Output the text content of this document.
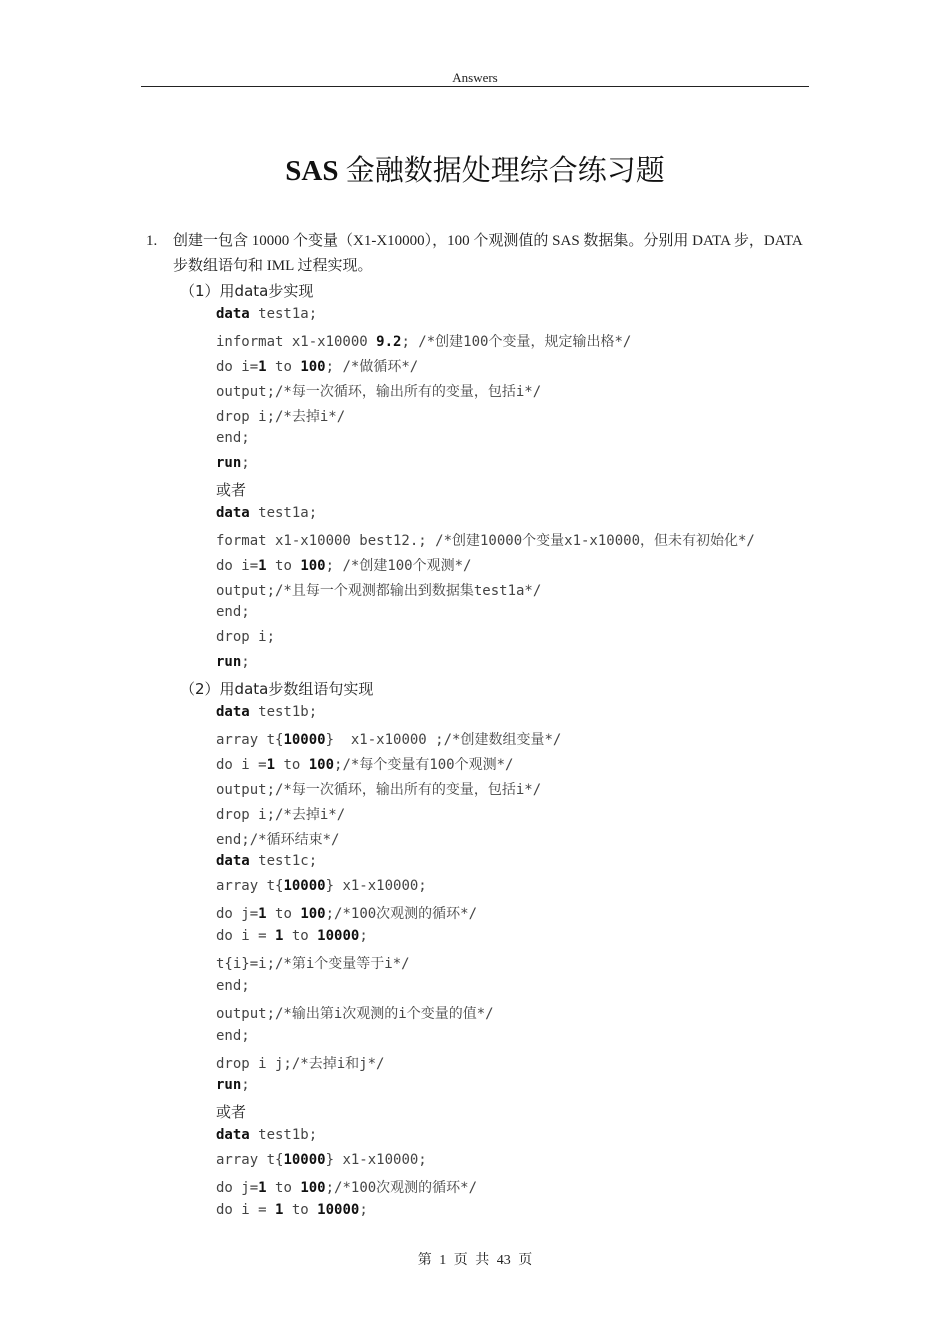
Answers
SAS 金融数据处理综合练习题
1. 创建一包含 10000 个变量（X1-X10000），100 个观测值的 SAS 数据集。分别用 DATA 步，DATA 步数组语句和 IML 过程实现。
（1）用data步实现
data test1a;
informat x1-x10000 9.2; /*创建100个变量，规定输出格*/
do i=1 to 100; /*做循环*/
output;/*每一次循环，输出所有的变量，包括i*/
drop i;/*去掉i*/
end;
run;
或者
data test1a;
format x1-x10000 best12.; /*创建10000个变量x1-x10000，但未有初始化*/
do i=1 to 100; /*创建100个观测*/
output;/*且每一个观测都输出到数据集test1a*/
end;
drop i;
run;
（2）用data步数组语句实现
data test1b;
array t{10000}  x1-x10000 ;/*创建数组变量*/
do i =1 to 100;/*每个变量有100个观测*/
output;/*每一次循环，输出所有的变量，包括i*/
drop i;/*去掉i*/
end;/*循环结束*/
data test1c;
array t{10000} x1-x10000;
do j=1 to 100;/*100次观测的循环*/
do i = 1 to 10000;
t{i}=i;/*第i个变量等于i*/
end;
output;/*输出第i次观测的i个变量的值*/
end;
drop i j;/*去掉i和j*/
run;
或者
data test1b;
array t{10000} x1-x10000;
do j=1 to 100;/*100次观测的循环*/
do i = 1 to 10000;
第 1 页 共 43 页
